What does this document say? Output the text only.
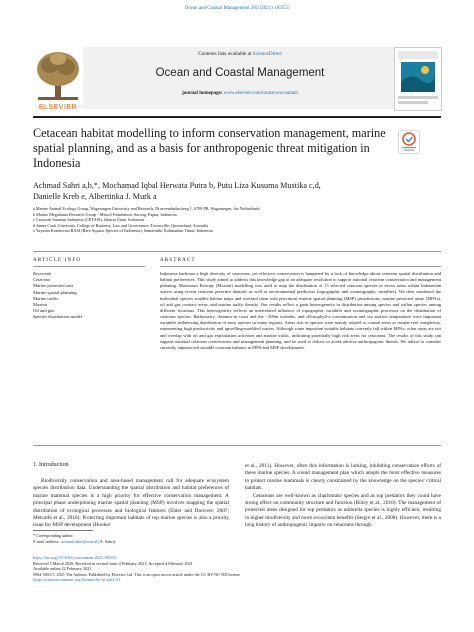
Ocean and Coastal Management 205 (2021) 105555
ELSEVIER
Contents lists available at ScienceDirect
Ocean and Coastal Management
journal homepage: www.elsevier.com/locate/ocecoaman
Cetacean habitat modelling to inform conservation management, marine spatial planning, and as a basis for anthropogenic threat mitigation in Indonesia
Achmad Sahri a,b,*, Mochamad Iqbal Herwata Putra b, Putu Liza Kusuma Mustika c,d,
Danielle Kreb e, Albertinka J. Murk a
a Marine Animal Ecology Group, Wageningen University and Research, Droevendaalsesteeg 1, 6708 PB, Wageningen, the Netherlands
b Marine Megafauna Research Group - Misool Foundation, Sorong, Papua, Indonesia
c Cetacean Sirenian Indonesia (CETASI), Jakarta Utara, Indonesia
d James Cook University, College of Business, Law and Governance, Townsville, Queensland, Australia
e Yayasan Konservasi RASI (Rare Aquatic Species of Indonesia), Samarinda, Kalimantan Timur, Indonesia
ARTICLE INFO
Keywords
Cetacean
Marine protected area
Marine spatial planning
Marine traffic
Maxent
Oil and gas
Species distribution model
ABSTRACT
Indonesia harbours a high diversity of cetaceans, yet effective conservation is hampered by a lack of knowledge about cetacean spatial distribution and habitat preferences. This study aimed to address this knowledge gap at an adequate resolution to support national cetacean conservation and management planning. Maximum Entropy (Maxent) modelling was used to map the distribution of 15 selected cetacean species in seven areas within Indonesian waters using recent cetacean presence datasets as well as environmental predictors (topographic and oceanographic variables). We then combined the individual species suitable habitat maps and overlaid them with provincial marine spatial planning (MSP) jurisdictions, marine protected areas (MPAs), oil and gas contract areas, and marine traffic density. Our results reflect a great heterogeneity in distribution among species and within species among different locations. This heterogeneity reflects an interrelated influence of topographic variables and oceanographic processes on the distribution of cetacean species. Bathymetry, distance-to-coast and the −200m isobaths, and chlorophyll-a concentration and sea surface temperature were important variables influencing distribution of most species in many regions. Areas rich in species were mainly related to coastal areas or insular-reef complexity, representing high productivity and upwelling-modified waters. Although some important suitable habitats currently fall within MPAs, other areas are not and overlap with oil and gas exploitation activities and marine traffic, indicating potentially high risk areas for cetaceans. The results of this study can support national cetacean conservation and management planning, and be used to reduce or avoid adverse anthropogenic threats. We advise to consider currently unprotected suitable cetacean habitats in MPA and MSP development.
1. Introduction
Biodiversity conservation and area-based management call for adequate ecosystem species distribution data. Understanding the spatial distribution and habitat preferences of marine mammal species is a high priority for effective conservation management. A principal phase underpinning marine spatial planning (MSP) involves mapping the spatial distribution of ecological processes and biological features (Ehler and Douvere, 2007; Metcalfe et al., 2018). Protecting important habitats of top marine species is also a priority issue for MSP development (Hooker
et al., 2011). However, often this information is lacking, inhibiting conservation efforts of these marine species. A sound management plan which adopts the most effective measures to protect marine mammals is clearly constrained by the knowledge on the species' critical habitats.
Cetaceans are well-known as charismatic species and as top predators they could have strong effect on community structure and function (Roley et al., 2010). The management of protected areas designed for top predators as umbrella species is highly efficient, resulting in higher biodiversity and more ecosystem benefits (Sergio et al., 2008). However, there is a long history of anthropogenic impacts on cetaceans through
* Corresponding author.
E-mail address: achmad.sahri@wur.nl (A. Sahri).
https://doi.org/10.1016/j.ocecoaman.2021.105555
Received 5 March 2020; Received in revised form 4 February 2021; Accepted 4 February 2021
Available online 22 February 2021
0964-5691/© 2021 The Authors. Published by Elsevier Ltd. This is an open access article under the CC BY-NC-ND license
(http://creativecommons.org/licenses/by-nc-nd/4.0/).
